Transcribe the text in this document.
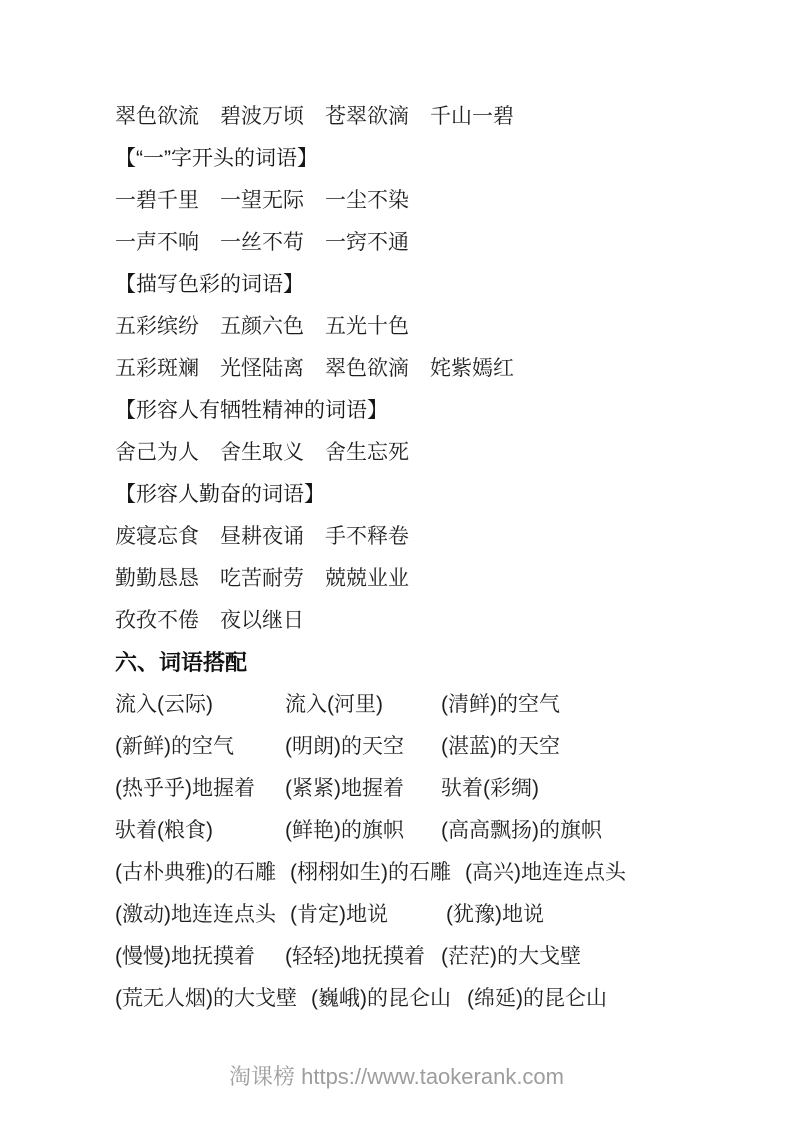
翠色欲流　碧波万顷　苍翠欲滴　千山一碧
【“一”字开头的词语】
一碧千里　一望无际　一尘不染
一声不响　一丝不苟　一窍不通
【描写色彩的词语】
五彩缤纷　五颜六色　五光十色
五彩斑斓　光怪陆离　翠色欲滴　姹紫嫣红
【形容人有牺牲精神的词语】
舍己为人　舍生取义　舍生忘死
【形容人勤奋的词语】
废寝忘食　昼耕夜诵　手不释卷
勤勤恳恳　吃苦耐劳　兢兢业业
孜孜不倦　夜以继日
六、词语搭配
流入(云际)	流入(河里)	(清鲜)的空气
(新鲜)的空气	(明朗)的天空	(湛蓝)的天空
(热乎乎)地握着	(紧紧)地握着	驮着(彩绸)
驮着(粮食)	(鲜艳)的旗帜	(高高飘扬)的旗帜
(古朴典雅)的石雕 (栩栩如生)的石雕 (高兴)地连连点头
(激动)地连连点头 (肯定)地说	(犹豫)地说
(慢慢)地抚摸着	(轻轻)地抚摸着 (茫茫)的大戈壁
(荒无人烟)的大戈壁 (巍峨)的昆仑山 (绵延)的昆仑山
淘课榜 https://www.taokerank.com
